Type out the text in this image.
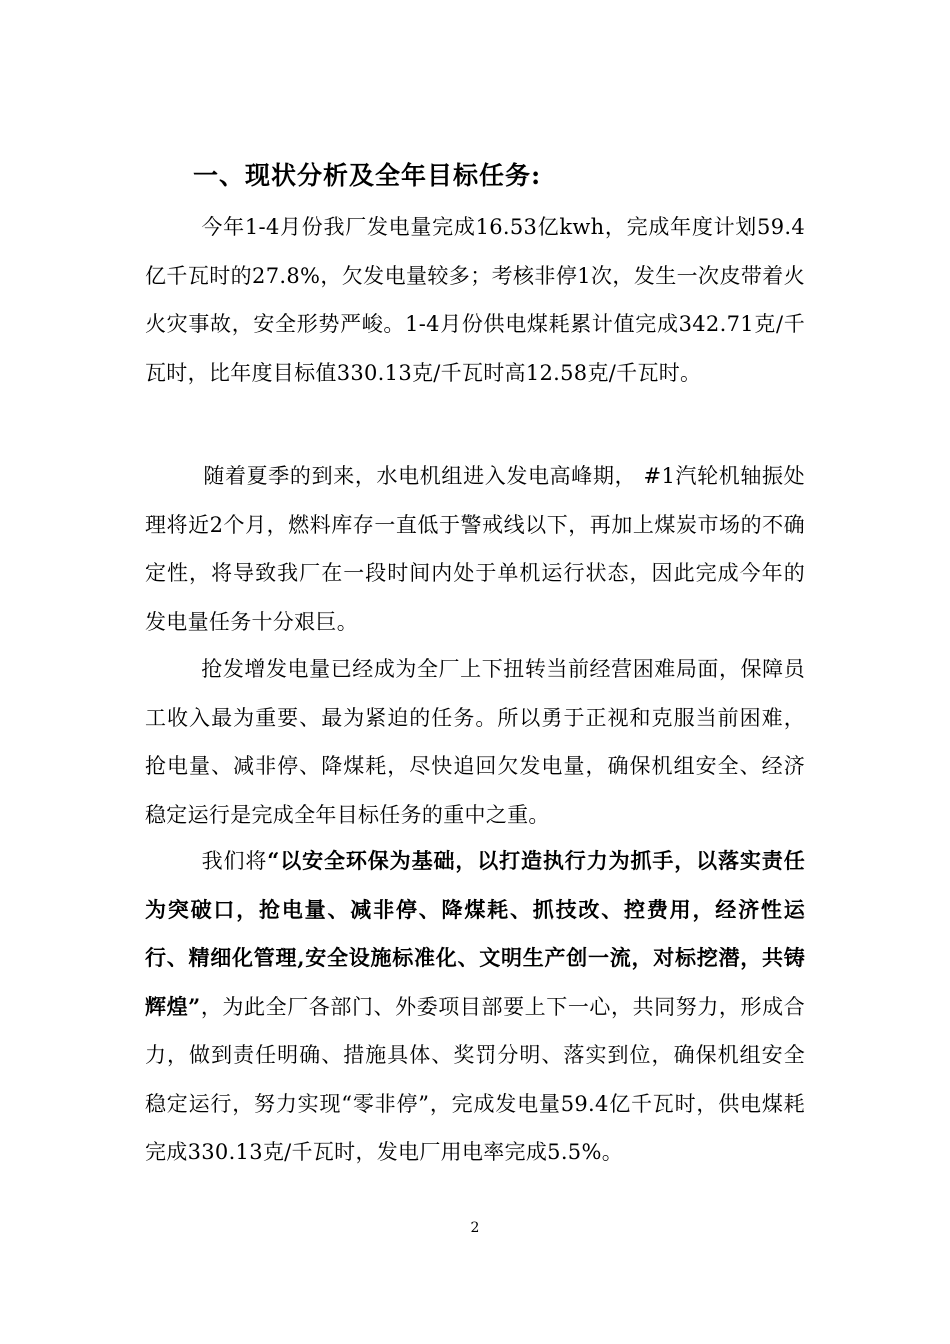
一、现状分析及全年目标任务:
今年1-4月份我厂发电量完成16.53亿kwh，完成年度计划59.4亿千瓦时的27.8%，欠发电量较多；考核非停1次，发生一次皮带着火火灾事故，安全形势严峻。1-4月份供电煤耗累计值完成342.71克/千瓦时，比年度目标值330.13克/千瓦时高12.58克/千瓦时。
随着夏季的到来，水电机组进入发电高峰期， #1汽轮机轴振处理将近2个月，燃料库存一直低于警戒线以下，再加上煤炭市场的不确定性，将导致我厂在一段时间内处于单机运行状态，因此完成今年的发电量任务十分艰巨。
抢发增发电量已经成为全厂上下扭转当前经营困难局面，保障员工收入最为重要、最为紧迫的任务。所以勇于正视和克服当前困难，抢电量、减非停、降煤耗，尽快追回欠发电量，确保机组安全、经济稳定运行是完成全年目标任务的重中之重。
我们将“以安全环保为基础，以打造执行力为抓手，以落实责任为突破口，抢电量、减非停、降煤耗、抓技改、控费用，经济性运行、精细化管理,安全设施标准化、文明生产创一流，对标挖潜，共铸辉煌”，为此全厂各部门、外委项目部要上下一心，共同努力，形成合力，做到责任明确、措施具体、奖罚分明、落实到位，确保机组安全稳定运行，努力实现“零非停”，完成发电量59.4亿千瓦时，供电煤耗完成330.13克/千瓦时，发电厂用电率完成5.5%。
2
